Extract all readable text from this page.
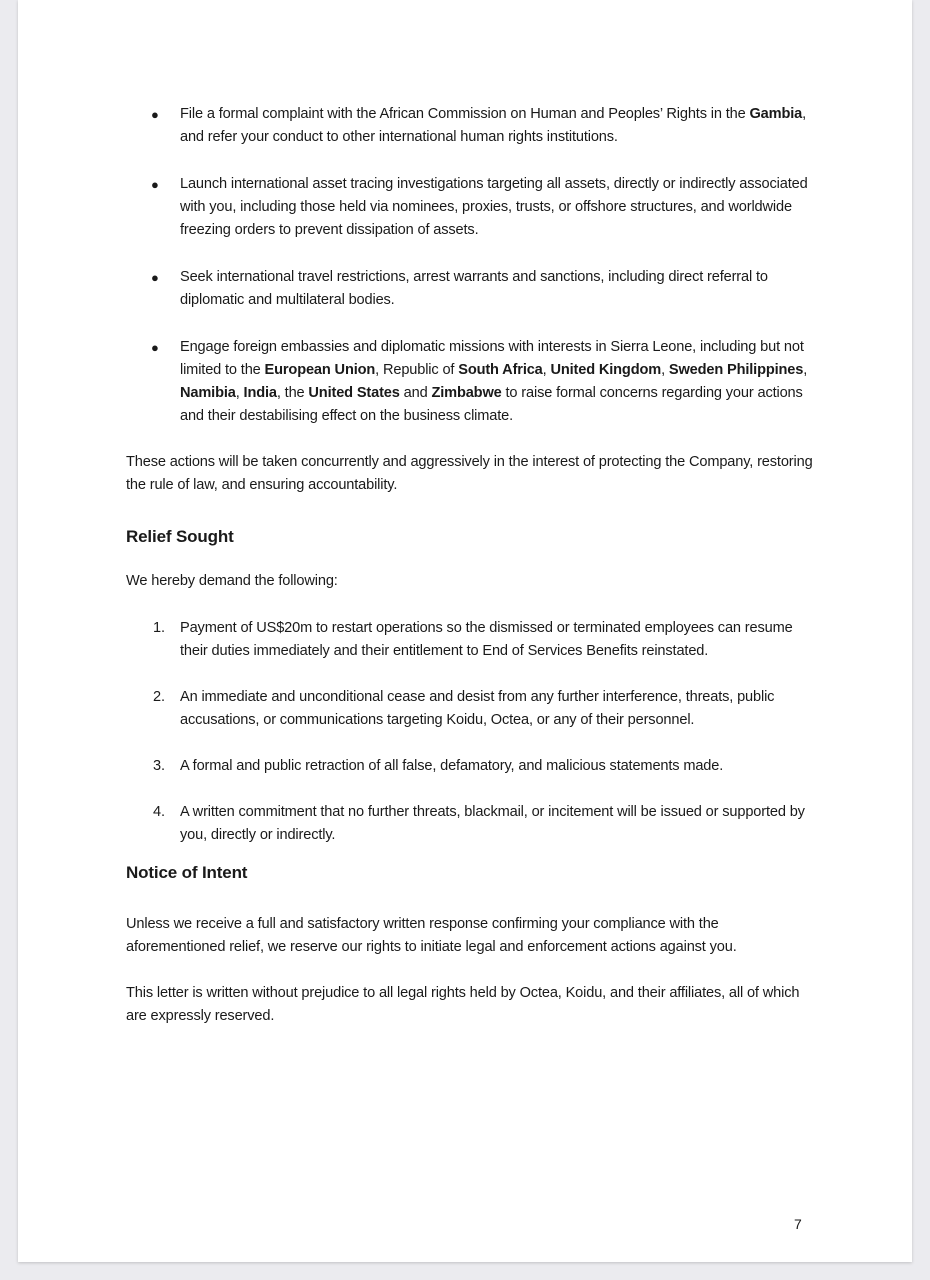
● File a formal complaint with the African Commission on Human and Peoples’ Rights in the Gambia, and refer your conduct to other international human rights institutions.
● Launch international asset tracing investigations targeting all assets, directly or indirectly associated with you, including those held via nominees, proxies, trusts, or offshore structures, and worldwide freezing orders to prevent dissipation of assets.
● Seek international travel restrictions, arrest warrants and sanctions, including direct referral to diplomatic and multilateral bodies.
● Engage foreign embassies and diplomatic missions with interests in Sierra Leone, including but not limited to the European Union, Republic of South Africa, United Kingdom, Sweden Philippines, Namibia, India, the United States and Zimbabwe to raise formal concerns regarding your actions and their destabilising effect on the business climate.

These actions will be taken concurrently and aggressively in the interest of protecting the Company, restoring the rule of law, and ensuring accountability.

Relief Sought

We hereby demand the following:

1. Payment of US$20m to restart operations so the dismissed or terminated employees can resume their duties immediately and their entitlement to End of Services Benefits reinstated.
2. An immediate and unconditional cease and desist from any further interference, threats, public accusations, or communications targeting Koidu, Octea, or any of their personnel.
3. A formal and public retraction of all false, defamatory, and malicious statements made.
4. A written commitment that no further threats, blackmail, or incitement will be issued or supported by you, directly or indirectly.
Notice of Intent

Unless we receive a full and satisfactory written response confirming your compliance with the aforementioned relief, we reserve our rights to initiate legal and enforcement actions against you.

This letter is written without prejudice to all legal rights held by Octea, Koidu, and their affiliates, all of which are expressly reserved.

7
